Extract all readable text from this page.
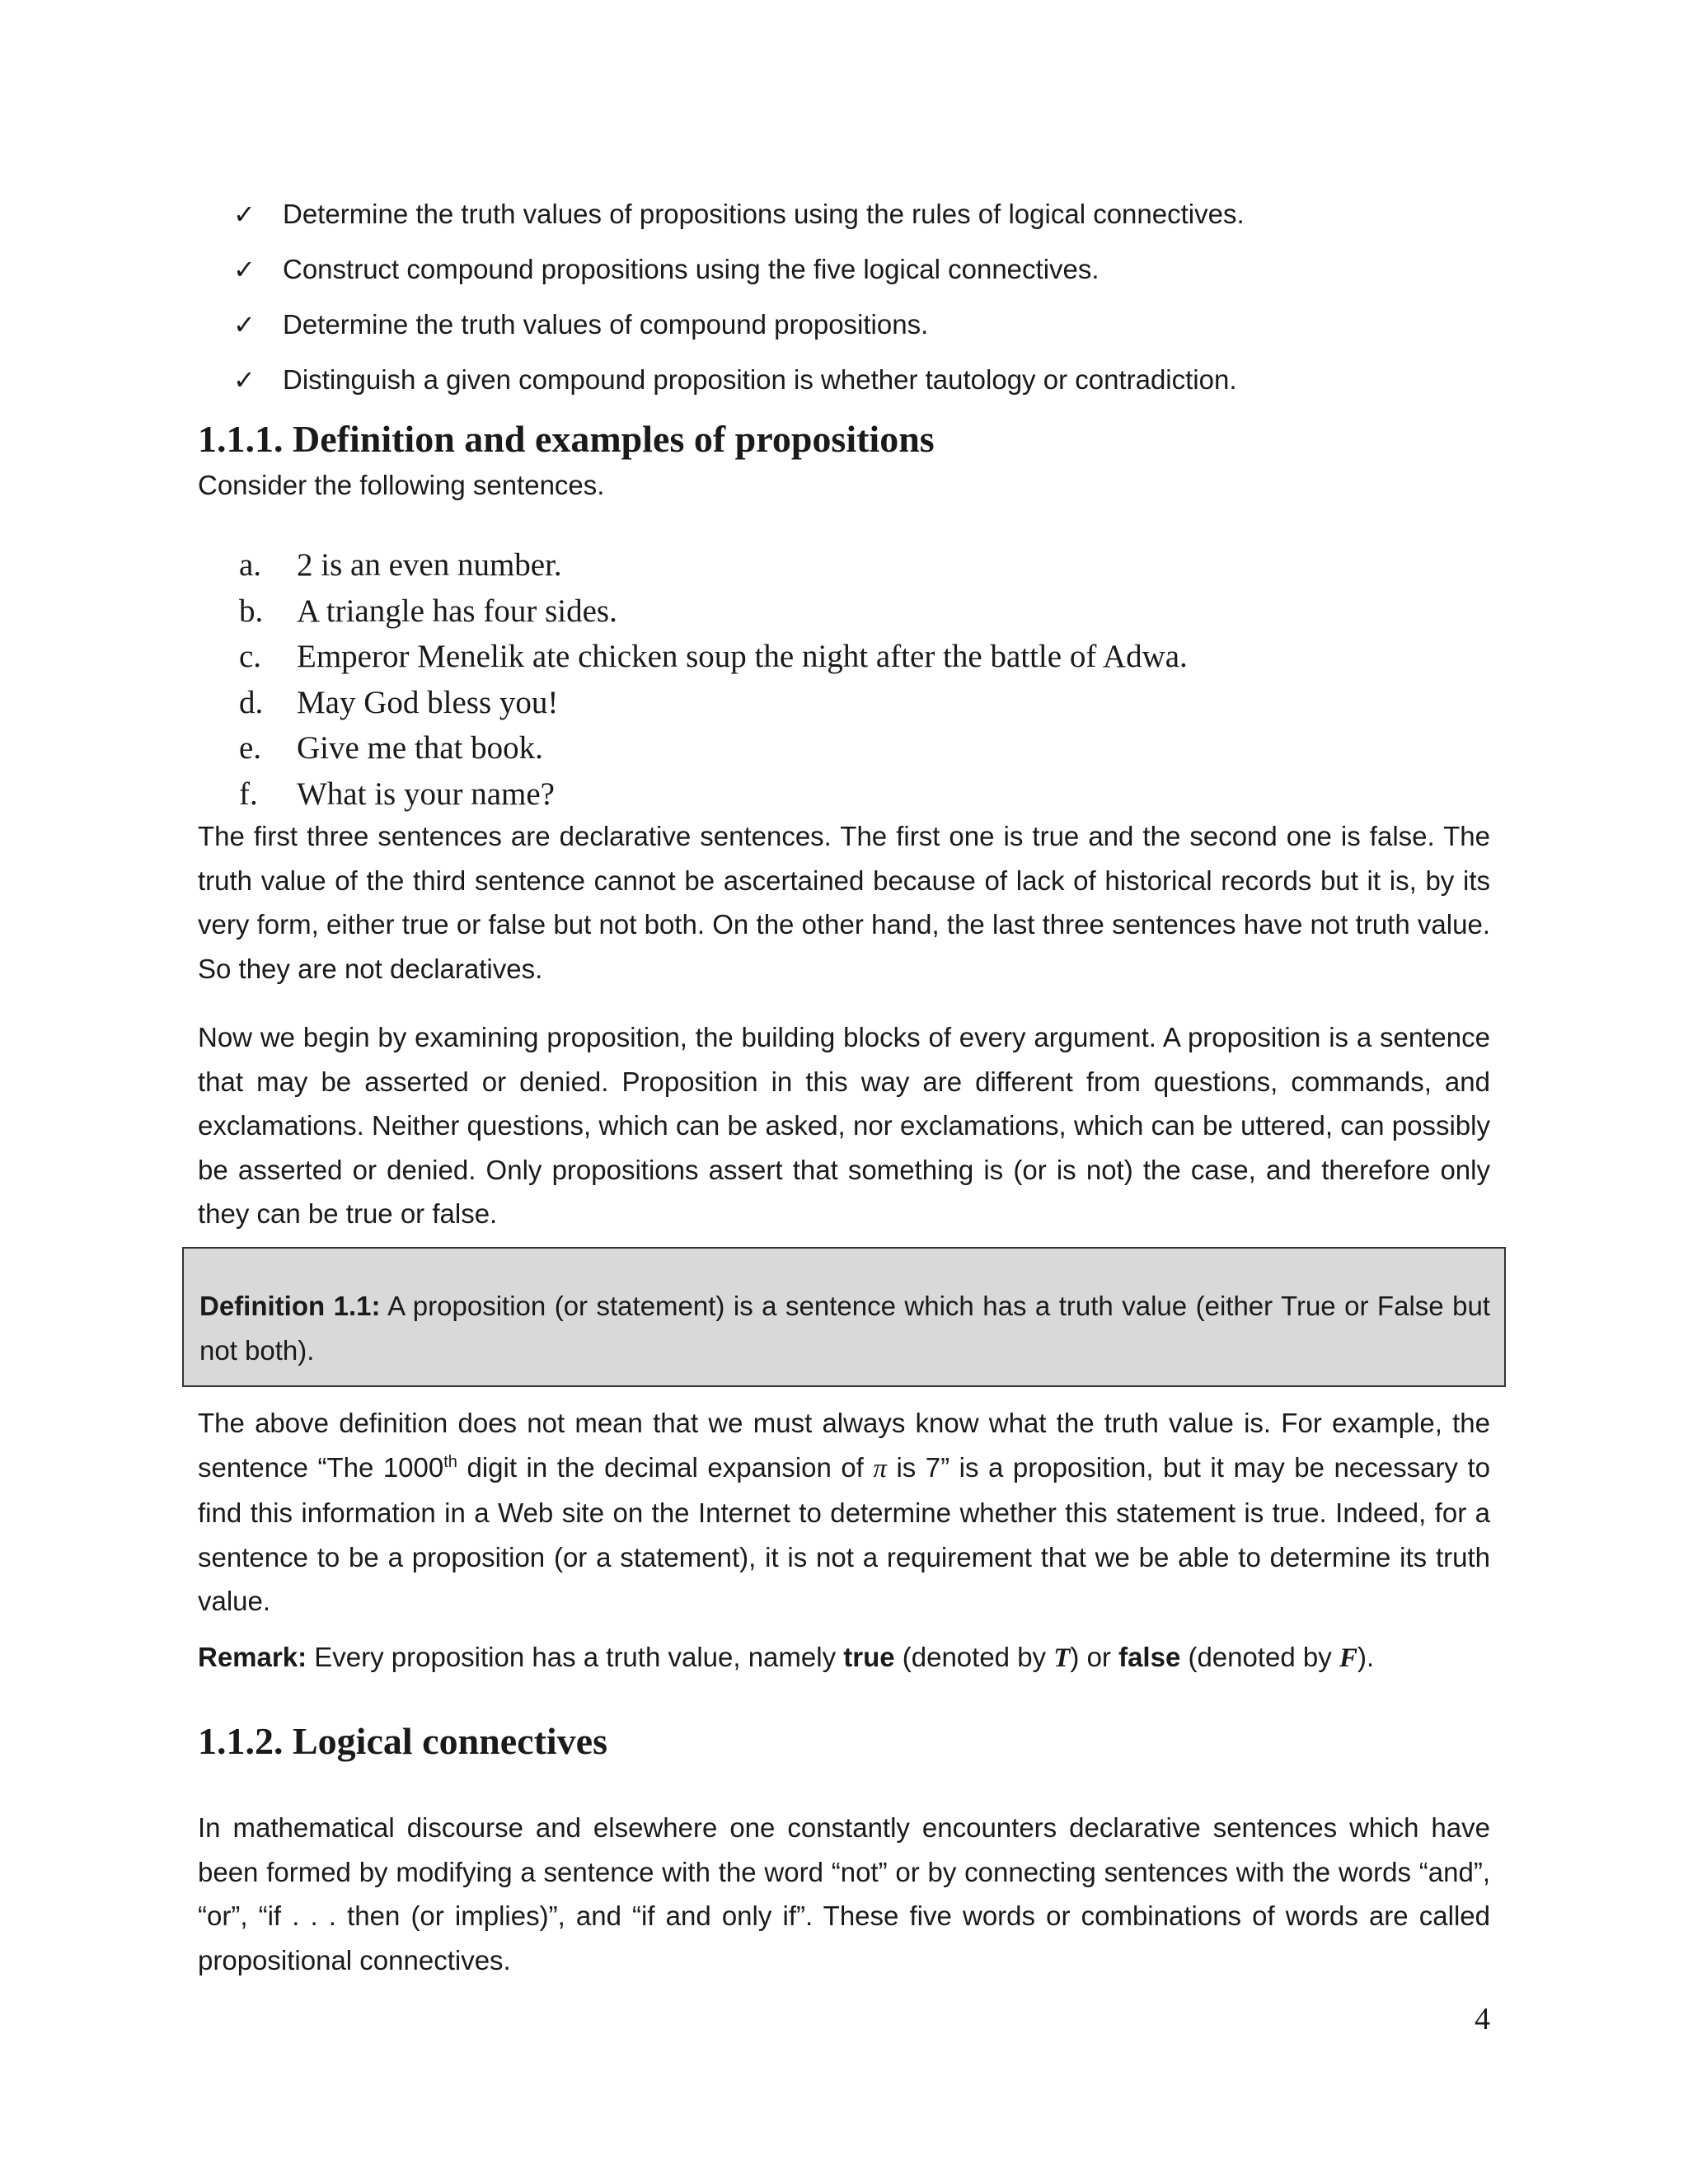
✓ Determine the truth values of propositions using the rules of logical connectives.
✓ Construct compound propositions using the five logical connectives.
✓ Determine the truth values of compound propositions.
✓ Distinguish a given compound proposition is whether tautology or contradiction.
1.1.1. Definition and examples of propositions

Consider the following sentences.

a. 2 is an even number.
b. A triangle has four sides.
c. Emperor Menelik ate chicken soup the night after the battle of Adwa.
d. May God bless you!
e. Give me that book.
f. What is your name?

The first three sentences are declarative sentences. The first one is true and the second one is false. The truth value of the third sentence cannot be ascertained because of lack of historical records but it is, by its very form, either true or false but not both. On the other hand, the last three sentences have not truth value. So they are not declaratives.

Now we begin by examining proposition, the building blocks of every argument. A proposition is a sentence that may be asserted or denied. Proposition in this way are different from questions, commands, and exclamations. Neither questions, which can be asked, nor exclamations, which can be uttered, can possibly be asserted or denied. Only propositions assert that something is (or is not) the case, and therefore only they can be true or false.

Definition 1.1: A proposition (or statement) is a sentence which has a truth value (either True or False but not both).

The above definition does not mean that we must always know what the truth value is. For example, the sentence “The 1000th digit in the decimal expansion of π is 7” is a proposition, but it may be necessary to find this information in a Web site on the Internet to determine whether this statement is true. Indeed, for a sentence to be a proposition (or a statement), it is not a requirement that we be able to determine its truth value.

Remark: Every proposition has a truth value, namely true (denoted by T) or false (denoted by F).

1.1.2. Logical connectives

In mathematical discourse and elsewhere one constantly encounters declarative sentences which have been formed by modifying a sentence with the word “not” or by connecting sentences with the words “and”, “or”, “if . . . then (or implies)”, and “if and only if”. These five words or combinations of words are called propositional connectives.

4
